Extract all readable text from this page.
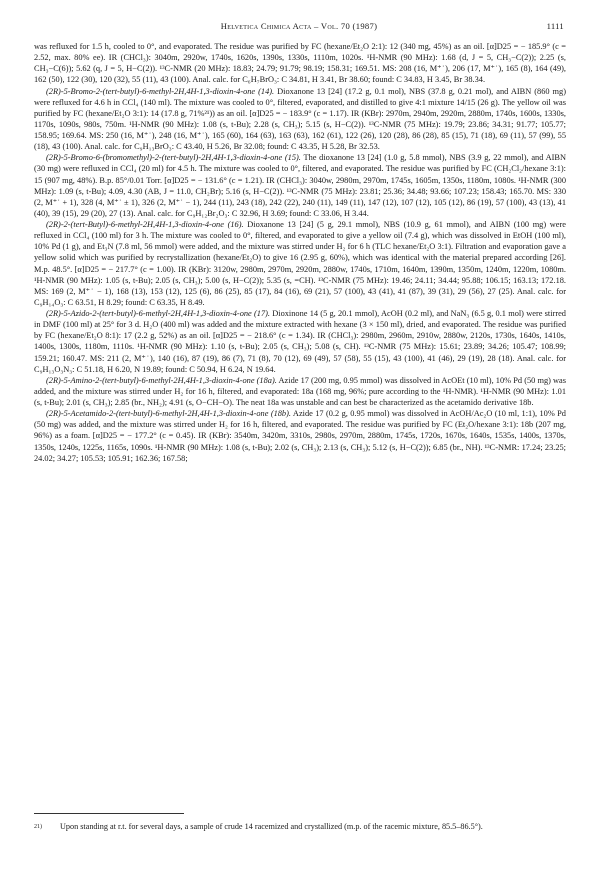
Helvetica Chimica Acta – Vol. 70 (1987)	1111

was refluxed for 1.5 h, cooled to 0°, and evaporated. The residue was purified by FC (hexane/Et₂O 2:1): 12 (340 mg, 45%) as an oil. [α]D25 = − 185.9° (c = 2.52, max. 80% ee). IR (CHCl₃): 3040m, 2920w, 1740s, 1620s, 1390s, 1330s, 1110m, 1020s. ¹H-NMR (90 MHz): 1.68 (d, J = 5, CH₃−C(2)); 2.25 (s, CH₃−C(6)); 5.62 (q, J = 5, H−C(2)). ¹³C-NMR (20 MHz): 18.83; 24.79; 91.79; 98.19; 158.31; 169.51. MS: 208 (16, M⁺˙), 206 (17, M⁺˙), 165 (8), 164 (49), 162 (50), 122 (30), 120 (32), 55 (11), 43 (100). Anal. calc. for C₆H₇BrO₃: C 34.81, H 3.41, Br 38.60; found: C 34.83, H 3.45, Br 38.34.

(2R)-5-Bromo-2-(tert-butyl)-6-methyl-2H,4H-1,3-dioxin-4-one (14). Dioxanone 13 [24] (17.2 g, 0.1 mol), NBS (37.8 g, 0.21 mol), and AIBN (860 mg) were refluxed for 4.6 h in CCl₄ (140 ml). The mixture was cooled to 0°, filtered, evaporated, and distilled to give 4:1 mixture 14/15 (26 g). The yellow oil was purified by FC (hexane/Et₂O 3:1): 14 (17.8 g, 71%²¹)) as an oil. [α]D25 = − 183.9° (c = 1.17). IR (KBr): 2970m, 2940m, 2920m, 2880m, 1740s, 1600s, 1330s, 1170s, 1090s, 980s, 750m. ¹H-NMR (90 MHz): 1.08 (s, t-Bu); 2.28 (s, CH₃); 5.15 (s, H−C(2)). ¹³C-NMR (75 MHz): 19.79; 23.86; 34.31; 91.77; 105.77; 158.95; 169.64. MS: 250 (16, M⁺˙), 248 (16, M⁺˙), 165 (60), 164 (63), 163 (63), 162 (61), 122 (26), 120 (28), 86 (28), 85 (15), 71 (18), 69 (11), 57 (99), 55 (18), 43 (100). Anal. calc. for C₉H₁₃BrO₃: C 43.40, H 5.26, Br 32.08; found: C 43.35, H 5.28, Br 32.53.

(2R)-5-Bromo-6-(bromomethyl)-2-(tert-butyl)-2H,4H-1,3-dioxin-4-one (15). The dioxanone 13 [24] (1.0 g, 5.8 mmol), NBS (3.9 g, 22 mmol), and AIBN (30 mg) were refluxed in CCl₄ (20 ml) for 4.5 h. The mixture was cooled to 0°, filtered, and evaporated. The residue was purified by FC (CH₂Cl₂/hexane 3:1): 15 (907 mg, 48%). B.p. 85°/0.01 Torr. [α]D25 = − 131.6° (c = 1.21). IR (CHCl₃): 3040w, 2980m, 2970m, 1745s, 1605m, 1350s, 1180m, 1080s. ¹H-NMR (300 MHz): 1.09 (s, t-Bu); 4.09, 4.30 (AB, J = 11.0, CH₂Br); 5.16 (s, H−C(2)). ¹³C-NMR (75 MHz): 23.81; 25.36; 34.48; 93.66; 107.23; 158.43; 165.70. MS: 330 (2, M⁺˙ + 1), 328 (4, M⁺˙ ± 1), 326 (2, M⁺˙ − 1), 244 (11), 243 (18), 242 (22), 240 (11), 149 (11), 147 (12), 107 (12), 105 (12), 86 (19), 57 (100), 43 (13), 41 (40), 39 (15), 29 (20), 27 (13). Anal. calc. for C₉H₁₂Br₂O₃: C 32.96, H 3.69; found: C 33.06, H 3.44.

(2R)-2-(tert-Butyl)-6-methyl-2H,4H-1,3-dioxin-4-one (16). Dioxanone 13 [24] (5 g, 29.1 mmol), NBS (10.9 g, 61 mmol), and AIBN (100 mg) were refluxed in CCl₄ (100 ml) for 3 h. The mixture was cooled to 0°, filtered, and evaporated to give a yellow oil (7.4 g), which was dissolved in EtOH (100 ml), 10% Pd (1 g), and Et₃N (7.8 ml, 56 mmol) were added, and the mixture was stirred under H₂ for 6 h (TLC hexane/Et₂O 3:1). Filtration and evaporation gave a yellow solid which was purified by recrystallization (hexane/Et₂O) to give 16 (2.95 g, 60%), which was identical with the material prepared according [26]. M.p. 48.5°. [α]D25 = − 217.7° (c = 1.00). IR (KBr): 3120w, 2980m, 2970m, 2920m, 2880w, 1740s, 1710m, 1640m, 1390m, 1350m, 1240m, 1220m, 1080m. ¹H-NMR (90 MHz): 1.05 (s, t-Bu); 2.05 (s, CH₃); 5.00 (s, H−C(2)); 5.35 (s, =CH). ¹³C-NMR (75 MHz): 19.46; 24.11; 34.44; 95.88; 106.15; 163.13; 172.18. MS: 169 (2, M⁺˙ − 1), 168 (13), 153 (12), 125 (6), 86 (25), 85 (17), 84 (16), 69 (21), 57 (100), 43 (41), 41 (87), 39 (31), 29 (56), 27 (25). Anal. calc. for C₉H₁₄O₃: C 63.51, H 8.29; found: C 63.35, H 8.49.

(2R)-5-Azido-2-(tert-butyl)-6-methyl-2H,4H-1,3-dioxin-4-one (17). Dioxinone 14 (5 g, 20.1 mmol), AcOH (0.2 ml), and NaN₃ (6.5 g, 0.1 mol) were stirred in DMF (100 ml) at 25° for 3 d. H₂O (400 ml) was added and the mixture extracted with hexane (3 × 150 ml), dried, and evaporated. The residue was purified by FC (hexane/Et₂O 8:1): 17 (2.2 g, 52%) as an oil. [α]D25 = − 218.6° (c = 1.34). IR (CHCl₃): 2980m, 2960m, 2910w, 2880w, 2120s, 1730s, 1640s, 1410s, 1400s, 1300s, 1180m, 1110s. ¹H-NMR (90 MHz): 1.10 (s, t-Bu); 2.05 (s, CH₃); 5.08 (s, CH). ¹³C-NMR (75 MHz): 15.61; 23.89; 34.26; 105.47; 108.99; 159.21; 160.47. MS: 211 (2, M⁺˙), 140 (16), 87 (19), 86 (7), 71 (8), 70 (12), 69 (49), 57 (58), 55 (15), 43 (100), 41 (46), 29 (19), 28 (18). Anal. calc. for C₉H₁₃O₃N₃: C 51.18, H 6.20, N 19.89; found: C 50.94, H 6.24, N 19.64.

(2R)-5-Amino-2-(tert-butyl)-6-methyl-2H,4H-1,3-dioxin-4-one (18a). Azide 17 (200 mg, 0.95 mmol) was dissolved in AcOEt (10 ml), 10% Pd (50 mg) was added, and the mixture was stirred under H₂ for 16 h, filtered, and evaporated: 18a (168 mg, 96%; pure according to the ¹H-NMR). ¹H-NMR (90 MHz): 1.01 (s, t-Bu); 2.01 (s, CH₃); 2.85 (br., NH₂); 4.91 (s, O−CH−O). The neat 18a was unstable and can best be characterized as the acetamido derivative 18b.

(2R)-5-Acetamido-2-(tert-butyl)-6-methyl-2H,4H-1,3-dioxin-4-one (18b). Azide 17 (0.2 g, 0.95 mmol) was dissolved in AcOH/Ac₂O (10 ml, 1:1), 10% Pd (50 mg) was added, and the mixture was stirred under H₂ for 16 h, filtered, and evaporated. The residue was purified by FC (Et₂O/hexane 3:1): 18b (207 mg, 96%) as a foam. [α]D25 = − 177.2° (c = 0.45). IR (KBr): 3540m, 3420m, 3310s, 2980s, 2970m, 2880m, 1745s, 1720s, 1670s, 1640s, 1535s, 1400s, 1370s, 1350s, 1240s, 1225s, 1165s, 1090s. ¹H-NMR (90 MHz): 1.08 (s, t-Bu); 2.02 (s, CH₃); 2.13 (s, CH₃); 5.12 (s, H−C(2)); 6.85 (br., NH). ¹³C-NMR: 17.24; 23.25; 24.02; 34.27; 105.53; 105.91; 162.36; 167.58;

21)	Upon standing at r.t. for several days, a sample of crude 14 racemized and crystallized (m.p. of the racemic mixture, 85.5–86.5°).
